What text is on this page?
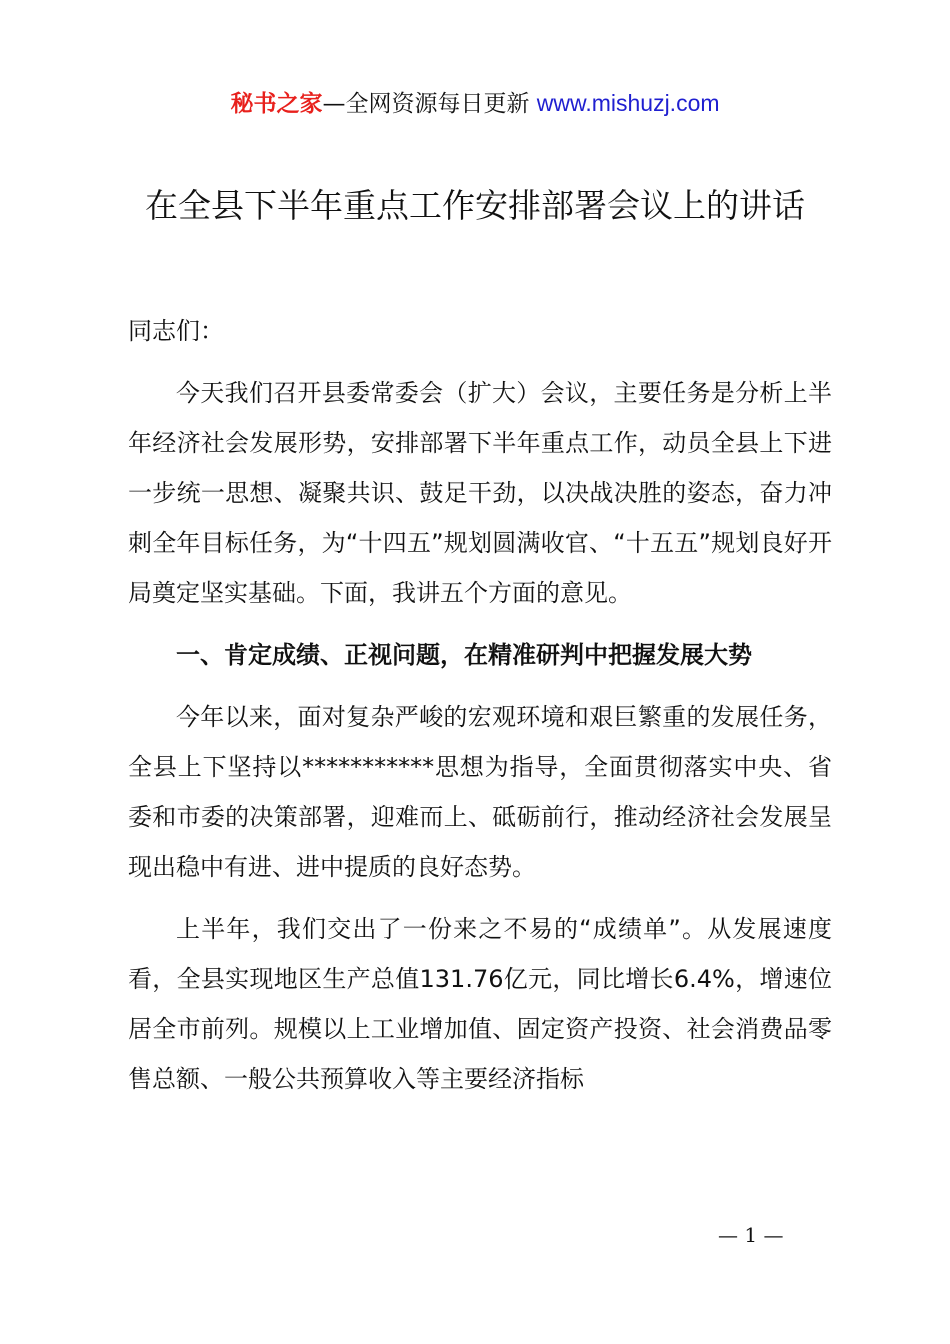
秘书之家—全网资源每日更新 www.mishuzj.com
在全县下半年重点工作安排部署会议上的讲话

同志们：

今天我们召开县委常委会（扩大）会议，主要任务是分析上半年经济社会发展形势，安排部署下半年重点工作，动员全县上下进一步统一思想、凝聚共识、鼓足干劲，以决战决胜的姿态，奋力冲刺全年目标任务，为“十四五”规划圆满收官、“十五五”规划良好开局奠定坚实基础。下面，我讲五个方面的意见。

一、肯定成绩、正视问题，在精准研判中把握发展大势

今年以来，面对复杂严峻的宏观环境和艰巨繁重的发展任务，全县上下坚持以***********思想为指导，全面贯彻落实中央、省委和市委的决策部署，迎难而上、砥砺前行，推动经济社会发展呈现出稳中有进、进中提质的良好态势。

上半年，我们交出了一份来之不易的“成绩单”。从发展速度看，全县实现地区生产总值131.76亿元，同比增长6.4%，增速位居全市前列。规模以上工业增加值、固定资产投资、社会消费品零售总额、一般公共预算收入等主要经济指标

— 1 —
